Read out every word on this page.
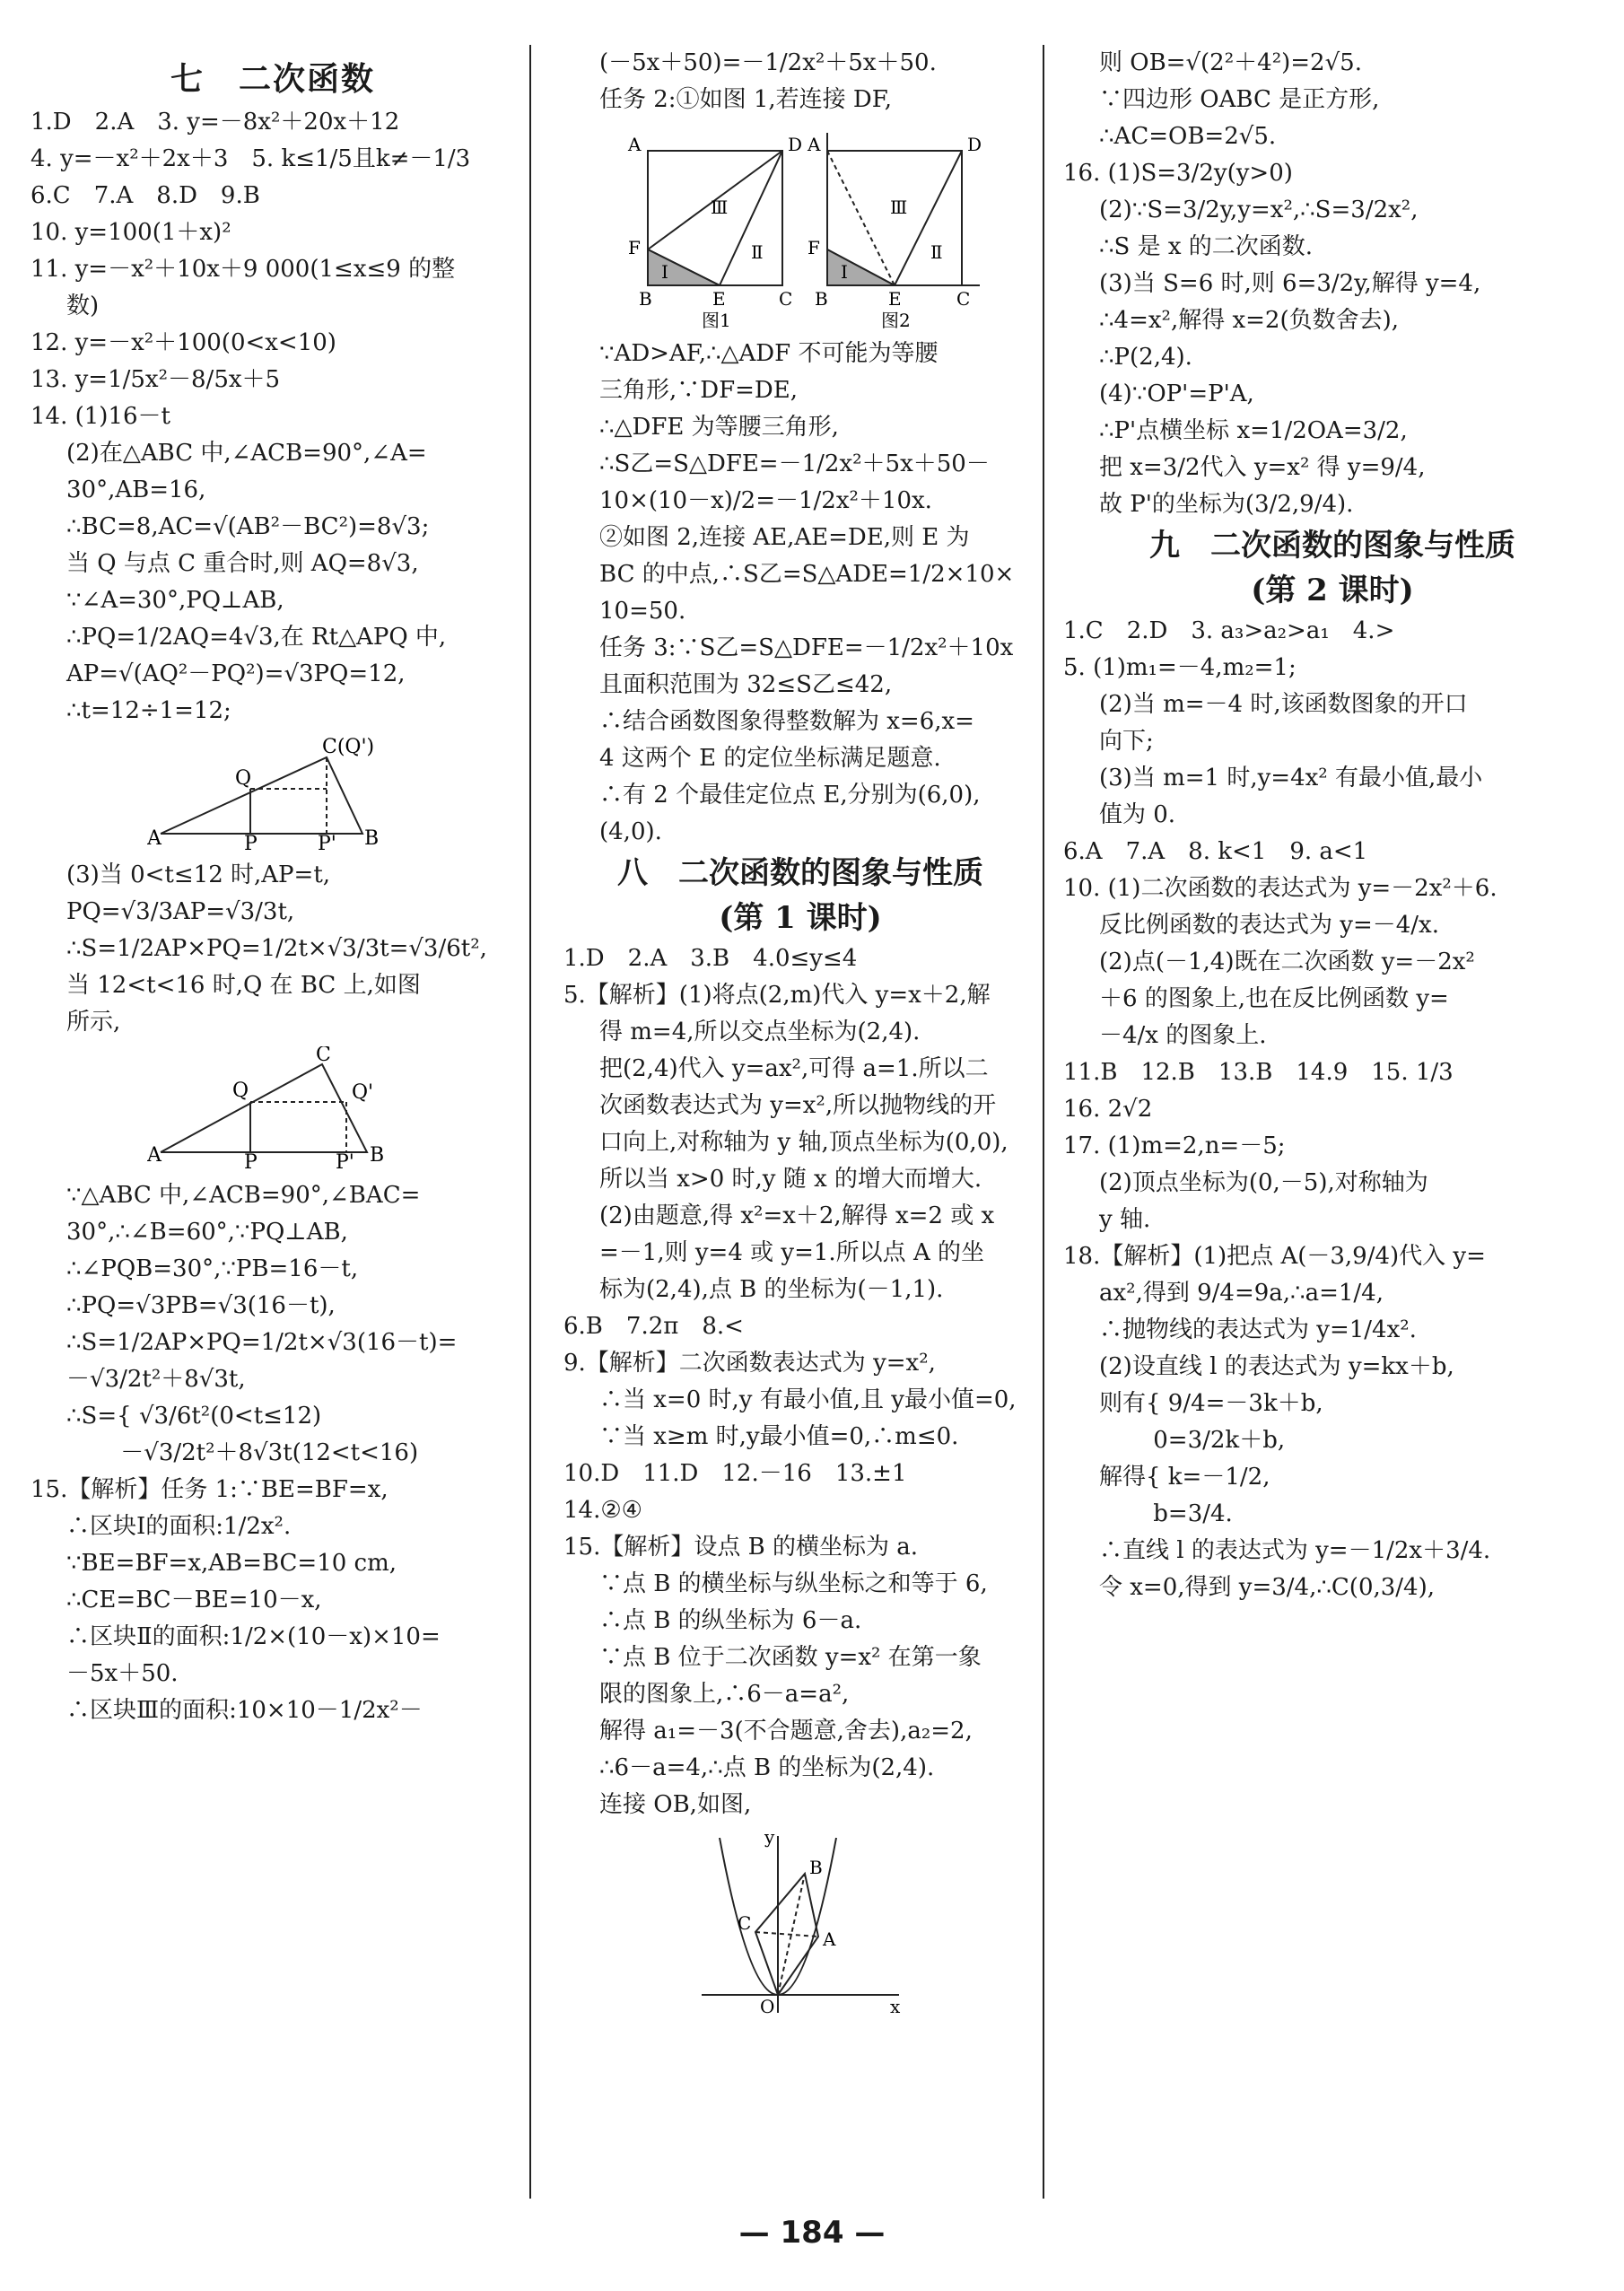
七　二次函数
1.D　2.A　3. y=－8x²＋20x＋12
4. y=－x²＋2x＋3　5. k≤1/5且k≠－1/3
6.C　7.A　8.D　9.B
10. y=100(1＋x)²
11. y=－x²＋10x＋9 000(1≤x≤9 的整
数)
12. y=－x²＋100(0<x<10)
13. y=1/5x²－8/5x＋5
14. (1)16－t
(2)在△ABC 中,∠ACB=90°,∠A=
30°,AB=16,
∴BC=8,AC=√(AB²－BC²)=8√3;
当 Q 与点 C 重合时,则 AQ=8√3,
∵∠A=30°,PQ⊥AB,
∴PQ=1/2AQ=4√3,在 Rt△APQ 中,
AP=√(AQ²－PQ²)=√3PQ=12,
∴t=12÷1=12;
C(Q')
Q
A	P	P' B
(3)当 0<t≤12 时,AP=t,
PQ=√3/3AP=√3/3t,
∴S=1/2AP×PQ=1/2t×√3/3t=√3/6t²,
当 12<t<16 时,Q 在 BC 上,如图
所示,
C
Q	Q'
A	P	P' B
∵△ABC 中,∠ACB=90°,∠BAC=
30°,∴∠B=60°,∵PQ⊥AB,
∴∠PQB=30°,∵PB=16－t,
∴PQ=√3PB=√3(16－t),
∴S=1/2AP×PQ=1/2t×√3(16－t)=
－√3/2t²＋8√3t,
∴S={ √3/6t²(0<t≤12)
　　 －√3/2t²＋8√3t(12<t<16)
15.【解析】任务 1:∵BE=BF=x,
∴区块Ⅰ的面积:1/2x².
∵BE=BF=x,AB=BC=10 cm,
∴CE=BC－BE=10－x,
∴区块Ⅱ的面积:1/2×(10－x)×10=
－5x＋50.
∴区块Ⅲ的面积:10×10－1/2x²－
(－5x＋50)=－1/2x²＋5x＋50.
任务 2:①如图 1,若连接 DF,
A	D
F
B	E	C
Ⅰ
Ⅱ
Ⅲ
图1
A	D
F
B	E	C
Ⅰ
Ⅱ
Ⅲ
图2
∵AD>AF,∴△ADF 不可能为等腰
三角形,∵DF=DE,
∴△DFE 为等腰三角形,
∴S乙=S△DFE=－1/2x²＋5x＋50－
10×(10－x)/2=－1/2x²＋10x.
②如图 2,连接 AE,AE=DE,则 E 为
BC 的中点,∴S乙=S△ADE=1/2×10×
10=50.
任务 3:∵S乙=S△DFE=－1/2x²＋10x
且面积范围为 32≤S乙≤42,
∴结合函数图象得整数解为 x=6,x=
4 这两个 E 的定位坐标满足题意.
∴有 2 个最佳定位点 E,分别为(6,0),
(4,0).
八　二次函数的图象与性质
(第 1 课时)
1.D　2.A　3.B　4.0≤y≤4
5.【解析】(1)将点(2,m)代入 y=x＋2,解
得 m=4,所以交点坐标为(2,4).
把(2,4)代入 y=ax²,可得 a=1.所以二
次函数表达式为 y=x²,所以抛物线的开
口向上,对称轴为 y 轴,顶点坐标为(0,0),
所以当 x>0 时,y 随 x 的增大而增大.
(2)由题意,得 x²=x＋2,解得 x=2 或 x
=－1,则 y=4 或 y=1.所以点 A 的坐
标为(2,4),点 B 的坐标为(－1,1).
6.B　7.2π　8.<
9.【解析】二次函数表达式为 y=x²,
∴当 x=0 时,y 有最小值,且 y最小值=0,
∵当 x≥m 时,y最小值=0,∴m≤0.
10.D　11.D　12.－16　13.±1
14.②④
15.【解析】设点 B 的横坐标为 a.
∵点 B 的横坐标与纵坐标之和等于 6,
∴点 B 的纵坐标为 6－a.
∵点 B 位于二次函数 y=x² 在第一象
限的图象上,∴6－a=a²,
解得 a₁=－3(不合题意,舍去),a₂=2,
∴6－a=4,∴点 B 的坐标为(2,4).
连接 OB,如图,
y
x
O
B
C
A
则 OB=√(2²＋4²)=2√5.
∵四边形 OABC 是正方形,
∴AC=OB=2√5.
16. (1)S=3/2y(y>0)
(2)∵S=3/2y,y=x²,∴S=3/2x²,
∴S 是 x 的二次函数.
(3)当 S=6 时,则 6=3/2y,解得 y=4,
∴4=x²,解得 x=2(负数舍去),
∴P(2,4).
(4)∵OP'=P'A,
∴P'点横坐标 x=1/2OA=3/2,
把 x=3/2代入 y=x² 得 y=9/4,
故 P'的坐标为(3/2,9/4).
九　二次函数的图象与性质
(第 2 课时)
1.C　2.D　3. a₃>a₂>a₁　4.>
5. (1)m₁=－4,m₂=1;
(2)当 m=－4 时,该函数图象的开口
向下;
(3)当 m=1 时,y=4x² 有最小值,最小
值为 0.
6.A　7.A　8. k<1　9. a<1
10. (1)二次函数的表达式为 y=－2x²＋6.
反比例函数的表达式为 y=－4/x.
(2)点(－1,4)既在二次函数 y=－2x²
＋6 的图象上,也在反比例函数 y=
－4/x 的图象上.
11.B　12.B　13.B　14.9　15. 1/3
16. 2√2
17. (1)m=2,n=－5;
(2)顶点坐标为(0,－5),对称轴为
y 轴.
18.【解析】(1)把点 A(－3,9/4)代入 y=
ax²,得到 9/4=9a,∴a=1/4,
∴抛物线的表达式为 y=1/4x².
(2)设直线 l 的表达式为 y=kx＋b,
则有{ 9/4=－3k＋b,
　　 0=3/2k＋b,
解得{ k=－1/2,
　　 b=3/4.
∴直线 l 的表达式为 y=－1/2x＋3/4.
令 x=0,得到 y=3/4,∴C(0,3/4),
— 184 —
